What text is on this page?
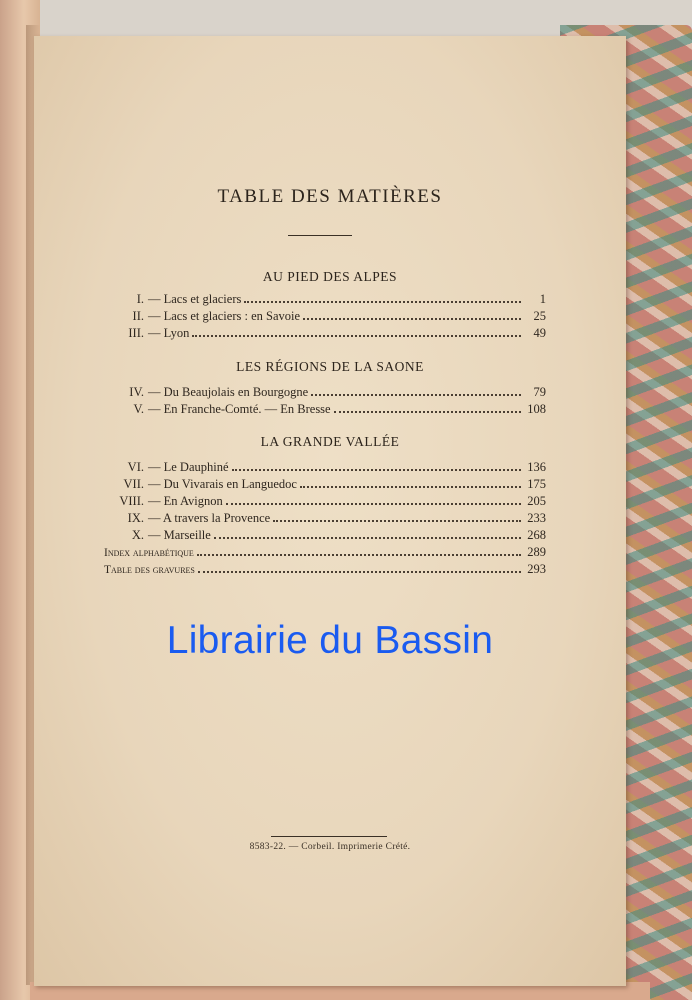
TABLE DES MATIÈRES
AU PIED DES ALPES
I. — Lacs et glaciers	1
II. — Lacs et glaciers : en Savoie	25
III. — Lyon	49
LES RÉGIONS DE LA SAONE
IV. — Du Beaujolais en Bourgogne	79
V. — En Franche-Comté. — En Bresse	108
LA GRANDE VALLÉE
VI. — Le Dauphiné	136
VII. — Du Vivarais en Languedoc	175
VIII. — En Avignon	205
IX. — A travers la Provence	233
X. — Marseille	268
Index alphabétique	289
Table des gravures	293
Librairie du Bassin
8583-22. — Corbeil. Imprimerie Crété.
